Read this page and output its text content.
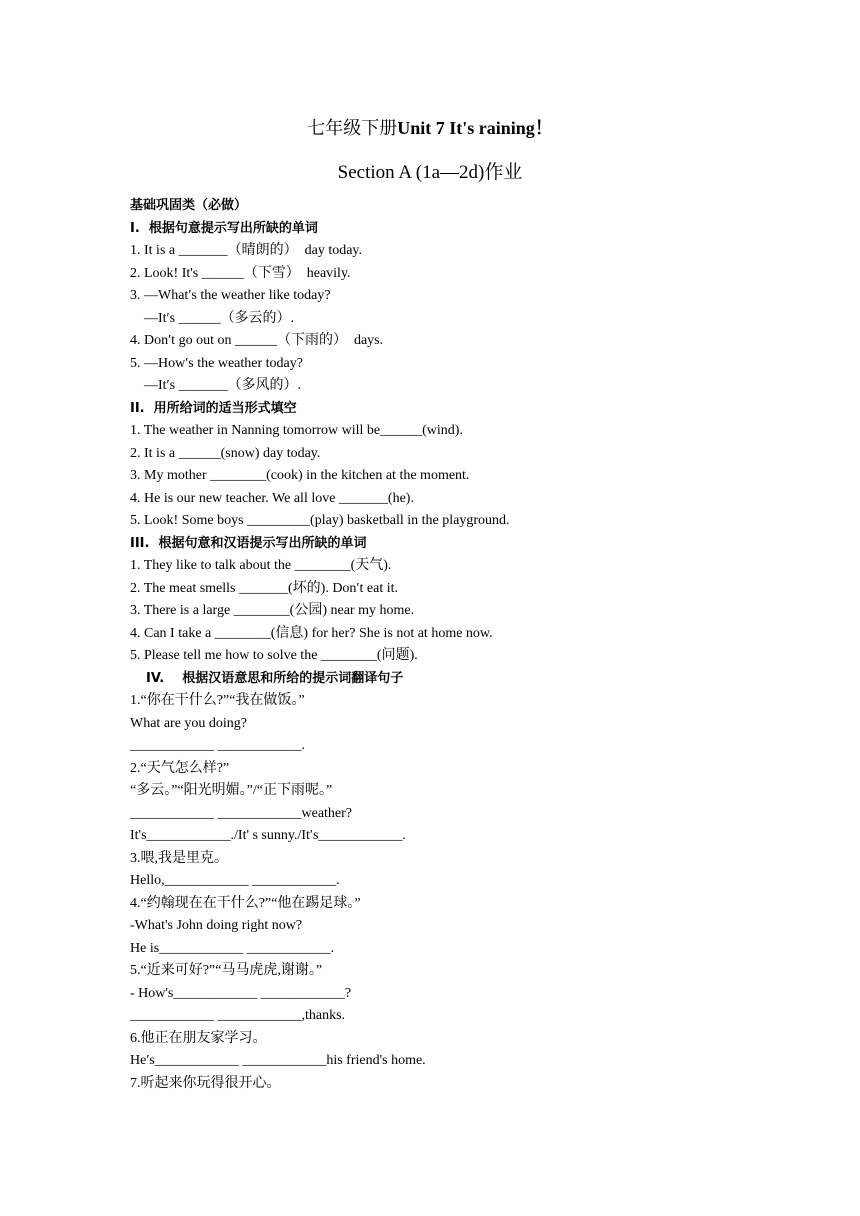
七年级下册Unit 7 It's raining！
Section A (1a—2d)作业
基础巩固类（必做）
I.  根据句意提示写出所缺的单词
1. It is a _______（晴朗的）  day today.
2. Look! It's ______（下雪）  heavily.
3. —What′s the weather like today?
—It′s ______（多云的）.
4. Don′t go out on ______（下雨的）  days.
5. —How′s the weather today?
—It′s _______（多风的）.
II.  用所给词的适当形式填空
1. The weather in Nanning tomorrow will be______(wind).
2. It is a ______(snow) day today.
3. My mother ________(cook) in the kitchen at the moment.
4. He is our new teacher. We all love _______(he).
5. Look! Some boys _________(play) basketball in the playground.
III.  根据句意和汉语提示写出所缺的单词
1. They like to talk about the ________(天气).
2. The meat smells _______(坏的). Don′t eat it.
3. There is a large ________(公园) near my home.
4. Can I take a ________(信息) for her? She is not at home now.
5. Please tell me how to solve the ________(问题).
IV.    根据汉语意思和所给的提示词翻译句子
1.“你在干什么?”“我在做饭。”
What are you doing?
____________ ____________.
2.“天气怎么样?”
“多云。”“阳光明媚。”/“正下雨呢。”
____________ ____________weather?
It's____________./It' s sunny./It′s____________.
3.喂,我是里克。
Hello,____________ ____________.
4.“约翰现在在干什么?”“他在踢足球。”
-What's John doing right now?
He is____________ ____________.
5.“近来可好?”“马马虎虎,谢谢。”
- How's____________ ____________?
____________ ____________,thanks.
6.他正在朋友家学习。
He′s____________ ____________his friend's home.
7.听起来你玩得很开心。
